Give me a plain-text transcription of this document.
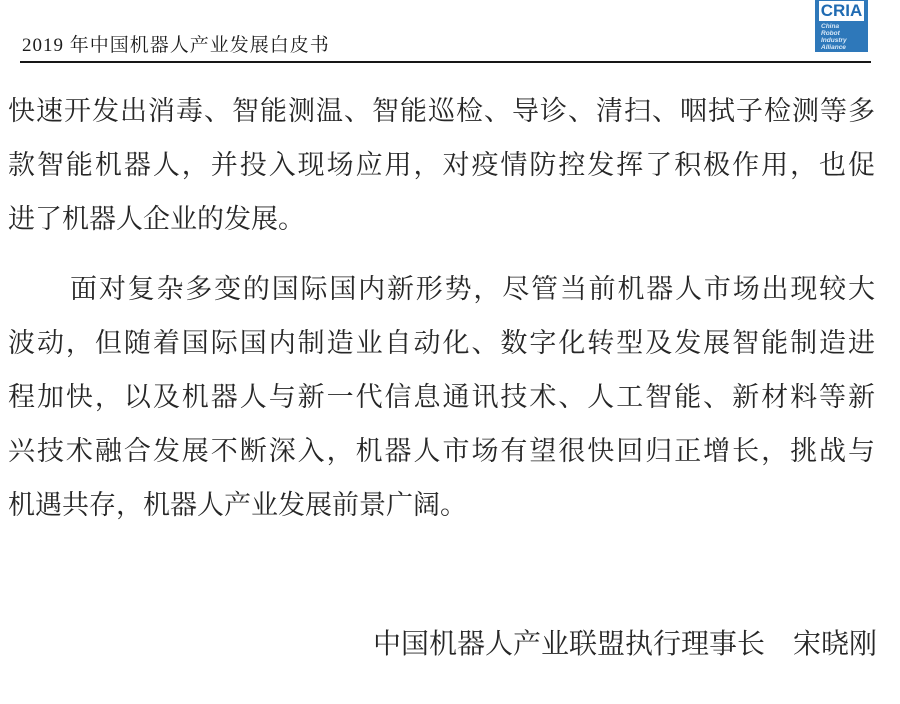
2019 年中国机器人产业发展白皮书
CRIA
China
Robot
Industry
Alliance
快速开发出消毒、智能测温、智能巡检、导诊、清扫、咽拭子检测等多
款智能机器人，并投入现场应用，对疫情防控发挥了积极作用，也促
进了机器人企业的发展。
面对复杂多变的国际国内新形势，尽管当前机器人市场出现较大
波动，但随着国际国内制造业自动化、数字化转型及发展智能制造进
程加快，以及机器人与新一代信息通讯技术、人工智能、新材料等新
兴技术融合发展不断深入，机器人市场有望很快回归正增长，挑战与
机遇共存，机器人产业发展前景广阔。
中国机器人产业联盟执行理事长　宋晓刚
